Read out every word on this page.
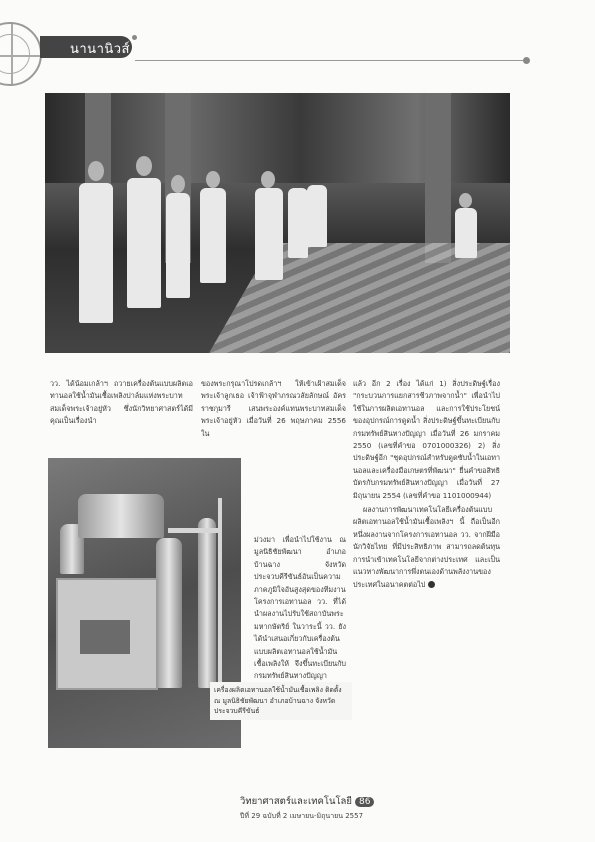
นานานิวส์

วว. ได้น้อมเกล้าฯ ถวายเครื่องต้นแบบผลิตเอทานอลใช้น้ำมันเชื้อเพลิงปาล์มแห่งพระบาทสมเด็จพระเจ้าอยู่หัว ซึ่งนักวิทยาศาสตร์ได้มีคุณเป็นเรื่องนำ

ของพระกรุณาโปรดเกล้าฯ ให้เข้าเฝ้าสมเด็จพระเจ้าลูกเธอ เจ้าฟ้าจุฬาภรณวลัยลักษณ์ อัครราชกุมารี เสนพระองค์แทนพระบาทสมเด็จพระเจ้าอยู่หัว เมื่อวันที่ 26 พฤษภาคม 2556 ใน

ม่วงมา เพื่อนำไปใช้งาน ณ มูลนิธิชัยพัฒนา อำเภอบ้านฉาง จังหวัดประจวบคีรีขันธ์อันเป็นความภาคภูมิใจอันสูงสุดของทีมงานโครงการเอทานอล วว. ที่ได้นำผลงานไปรับใช้สถาบันพระมหากษัตริย์ ในวาระนี้ วว. ยังได้นำเสนอเกี่ยวกับเครื่องต้นแบบผลิตเอทานอลใช้น้ำมันเชื้อเพลิงให้ จึงขึ้นทะเบียนกับกรมทรัพย์สินทางปัญญา

แล้ว อีก 2 เรื่อง ได้แก่ 1) สิ่งประดิษฐ์เรื่อง "กระบวนการแยกสารชีวภาพจากน้ำ" เพื่อนำไปใช้ในการผลิตเอทานอล และการใช้ประโยชน์ของอุปกรณ์การดูดน้ำ สิ่งประดิษฐ์ขึ้นทะเบียนกับกรมทรัพย์สินทางปัญญา เมื่อวันที่ 26 มกราคม 2550 (เลขที่คำขอ 0701000326) 2) สิ่งประดิษฐ์อีก "ชุดอุปกรณ์สำหรับดูดซับน้ำในเอทานอลและเครื่องมือเกษตรที่พัฒนา" ยื่นคำขอสิทธิบัตรกับกรมทรัพย์สินทางปัญญา เมื่อวันที่ 27 มิถุนายน 2554 (เลขที่คำขอ 1101000944)

ผลงานการพัฒนาเทคโนโลยีเครื่องต้นแบบผลิตเอทานอลใช้น้ำมันเชื้อเพลิงฯ นี้ ถือเป็นอีกหนึ่งผลงานจากโครงการเอทานอล วว. จากฝีมือนักวิจัยไทย ที่มีประสิทธิภาพ สามารถลดต้นทุนการนำเข้าเทคโนโลยีจากต่างประเทศ และเป็นแนวทางพัฒนาการพึ่งตนเองด้านพลังงานของประเทศในอนาคตต่อไป

เครื่องผลิตเอทานอลใช้น้ำมันเชื้อเพลิง ติดตั้ง ณ มูลนิธิชัยพัฒนา อำเภอบ้านฉาง จังหวัดประจวบคีรีขันธ์
วิทยาศาสตร์และเทคโนโลยี 86
ปีที่ 29 ฉบับที่ 2 เมษายน-มิถุนายน 2557
